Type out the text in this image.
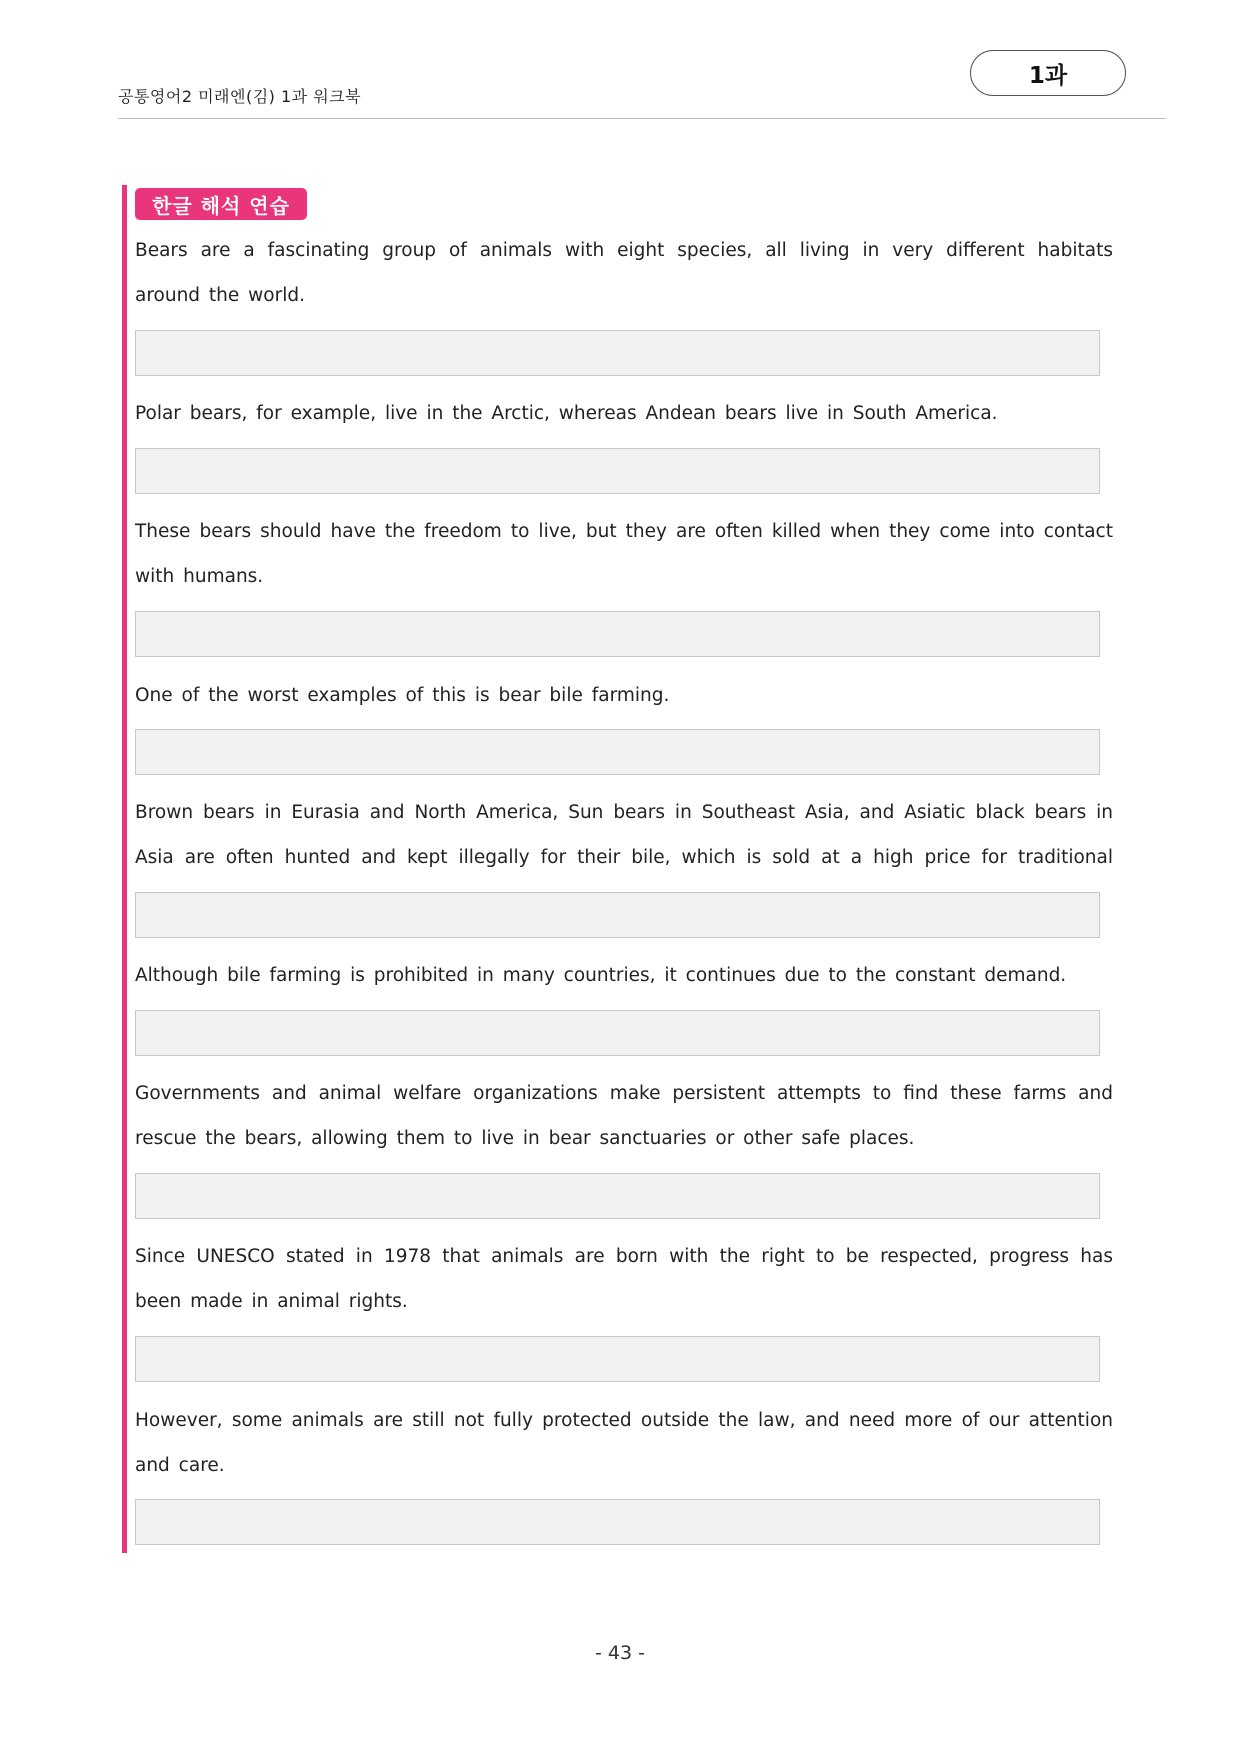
공통영어2 미래엔(김) 1과 워크북
1과
한글 해석 연습
Bears are a fascinating group of animals with eight species, all living in very different habitats around the world.
Polar bears, for example, live in the Arctic, whereas Andean bears live in South America.
These bears should have the freedom to live, but they are often killed when they come into contact with humans.
One of the worst examples of this is bear bile farming.
Brown bears in Eurasia and North America, Sun bears in Southeast Asia, and Asiatic black bears in Asia are often hunted and kept illegally for their bile, which is sold at a high price for traditional
Although bile farming is prohibited in many countries, it continues due to the constant demand.
Governments and animal welfare organizations make persistent attempts to find these farms and rescue the bears, allowing them to live in bear sanctuaries or other safe places.
Since UNESCO stated in 1978 that animals are born with the right to be respected, progress has been made in animal rights.
However, some animals are still not fully protected outside the law, and need more of our attention and care.
- 43 -
